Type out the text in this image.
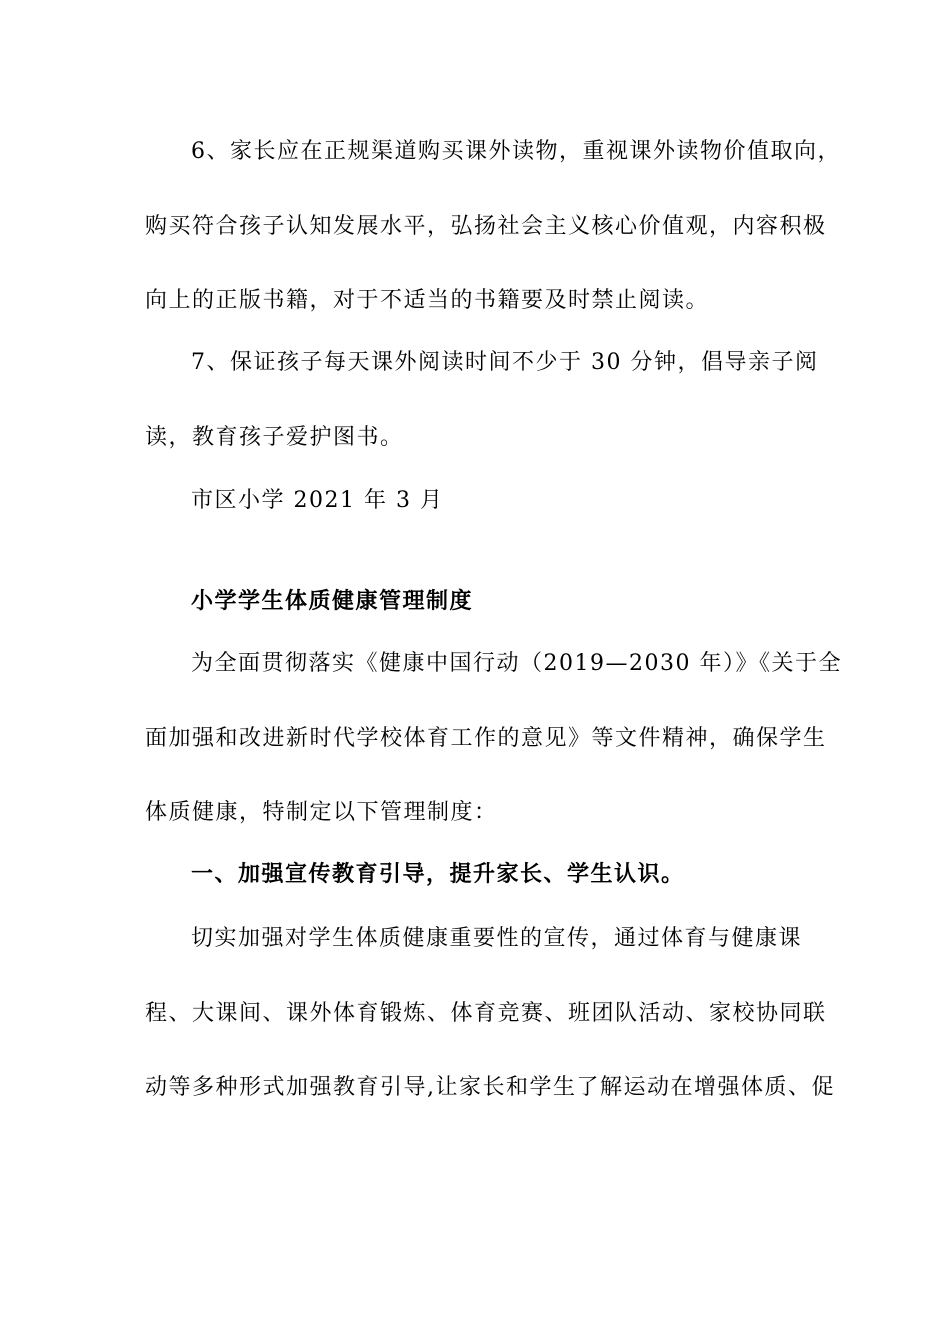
6、家长应在正规渠道购买课外读物，重视课外读物价值取向，
购买符合孩子认知发展水平，弘扬社会主义核心价值观，内容积极
向上的正版书籍，对于不适当的书籍要及时禁止阅读。
7、保证孩子每天课外阅读时间不少于 30 分钟，倡导亲子阅
读，教育孩子爱护图书。
市区小学 2021 年 3 月
小学学生体质健康管理制度
为全面贯彻落实《健康中国行动（2019—2030 年）》《关于全
面加强和改进新时代学校体育工作的意见》等文件精神，确保学生
体质健康，特制定以下管理制度：
一、加强宣传教育引导，提升家长、学生认识。
切实加强对学生体质健康重要性的宣传，通过体育与健康课
程、大课间、课外体育锻炼、体育竞赛、班团队活动、家校协同联
动等多种形式加强教育引导,让家长和学生了解运动在增强体质、促
